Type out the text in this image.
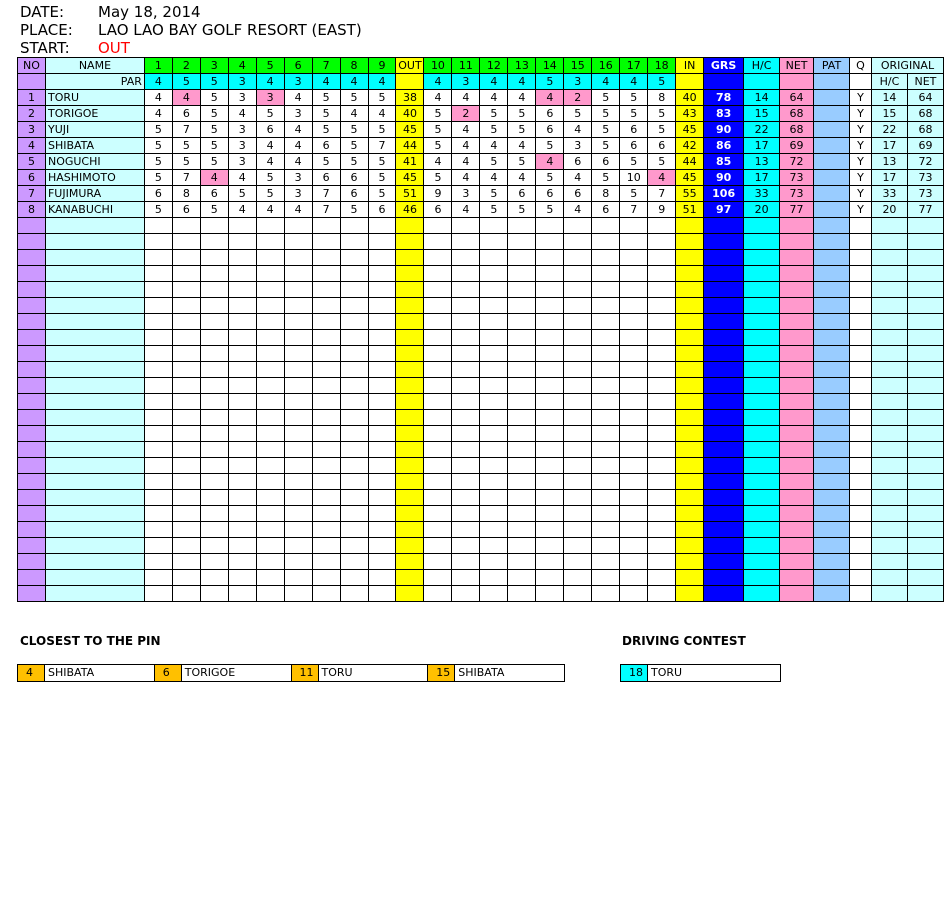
DATE: May 18, 2014
PLACE: LAO LAO BAY GOLF RESORT (EAST)
START: OUT
NO	NAME	1	2	3	4	5	6	7	8	9	OUT	10	11	12	13	14	15	16	17	18	IN	GRS	H/C	NET	PAT	Q	ORIGINAL	
	PAR	4	5	5	3	4	3	4	4	4		4	3	4	4	5	3	4	4	5							H/C	NET
1	TORU	4	4	5	3	3	4	5	5	5	38	4	4	4	4	4	2	5	5	8	40	78	14	64		Y	14	64
2	TORIGOE	4	6	5	4	5	3	5	4	4	40	5	2	5	5	6	5	5	5	5	43	83	15	68		Y	15	68
3	YUJI	5	7	5	3	6	4	5	5	5	45	5	4	5	5	6	4	5	6	5	45	90	22	68		Y	22	68
4	SHIBATA	5	5	5	3	4	4	6	5	7	44	5	4	4	4	5	3	5	6	6	42	86	17	69		Y	17	69
5	NOGUCHI	5	5	5	3	4	4	5	5	5	41	4	4	5	5	4	6	6	5	5	44	85	13	72		Y	13	72
6	HASHIMOTO	5	7	4	4	5	3	6	6	5	45	5	4	4	4	5	4	5	10	4	45	90	17	73		Y	17	73
7	FUJIMURA	6	8	6	5	5	3	7	6	5	51	9	3	5	6	6	6	8	5	7	55	106	33	73		Y	33	73
8	KANABUCHI	5	6	5	4	4	4	7	5	6	46	6	4	5	5	5	4	6	7	9	51	97	20	77		Y	20	77

CLOSEST TO THE PIN
4	SHIBATA	6	TORIGOE	11 TORU	15 SHIBATA
DRIVING CONTEST
18 TORU
